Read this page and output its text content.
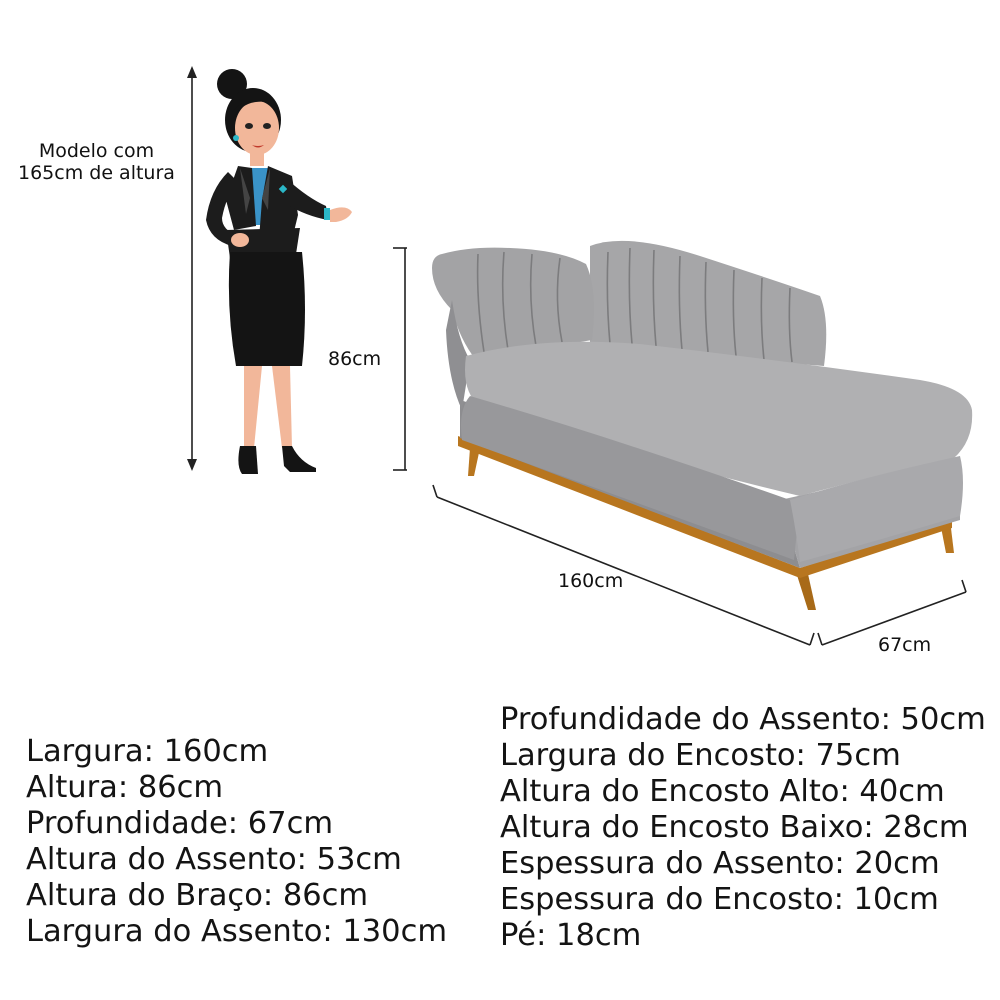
Modelo com
165cm de altura
86cm
160cm
67cm
Largura: 160cm
Altura: 86cm
Profundidade: 67cm
Altura do Assento: 53cm
Altura do Braço: 86cm
Largura do Assento: 130cm
Profundidade do Assento: 50cm
Largura do Encosto: 75cm
Altura do Encosto Alto: 40cm
Altura do Encosto Baixo: 28cm
Espessura do Assento: 20cm
Espessura do Encosto: 10cm
Pé: 18cm
